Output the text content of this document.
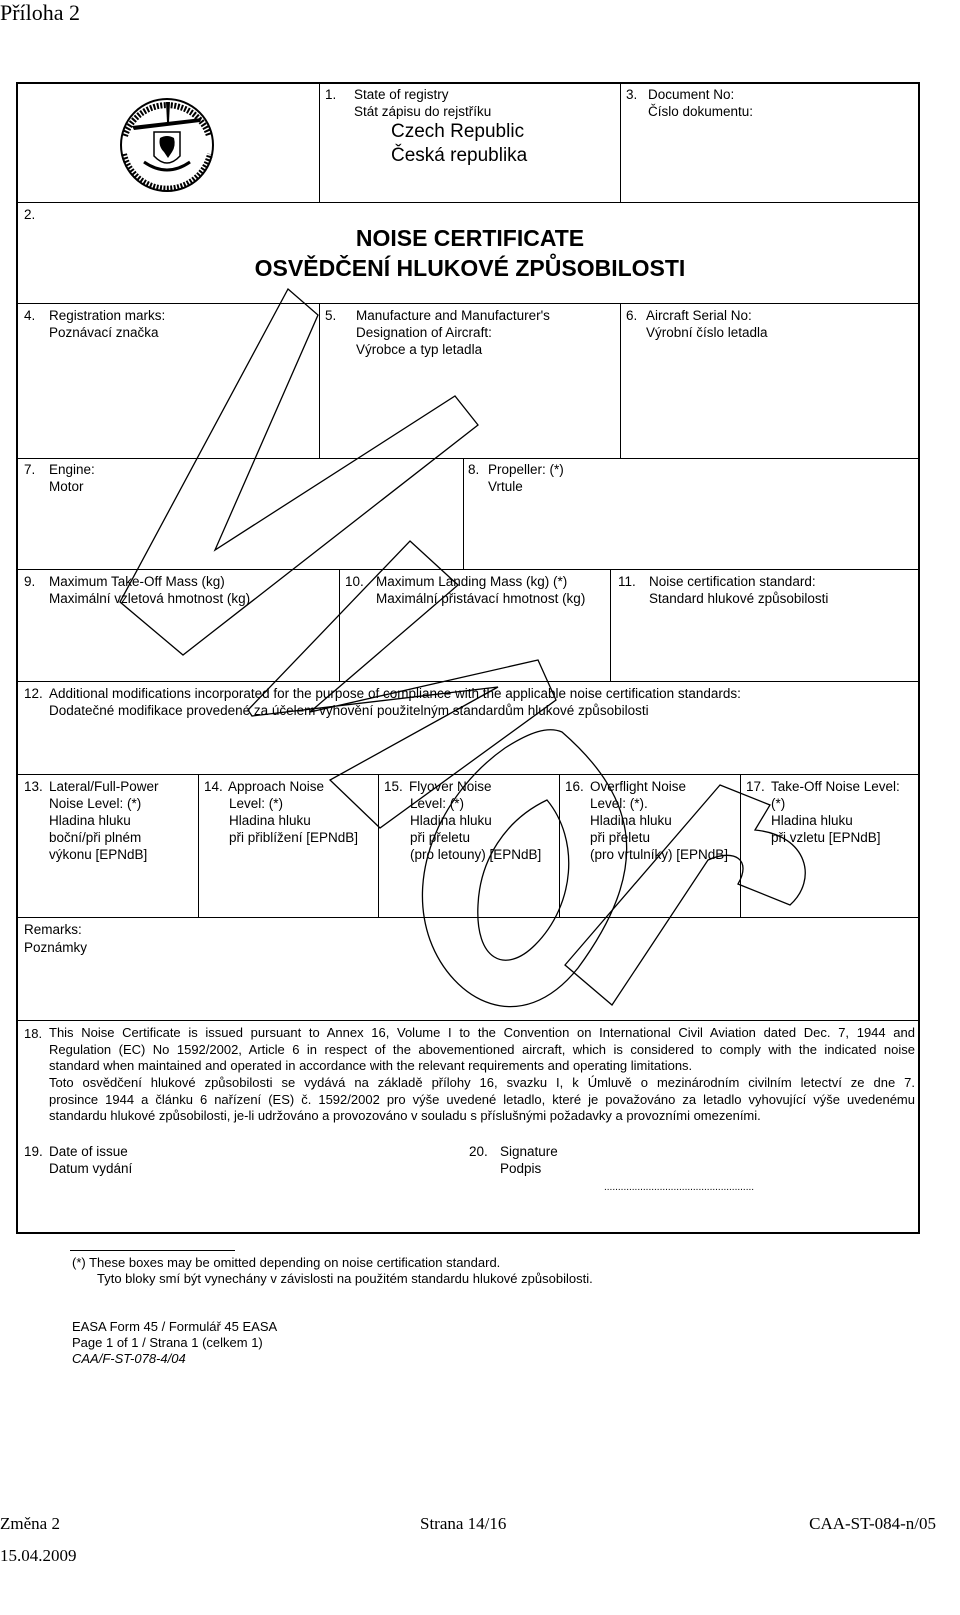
Příloha 2
1. State of registry
Stát zápisu do rejstříku
Czech Republic
Česká republika
3. Document No:
Číslo dokumentu:
2.
NOISE CERTIFICATE
OSVĚDČENÍ HLUKOVÉ ZPŮSOBILOSTI
4. Registration marks:
Poznávací značka
5. Manufacture and Manufacturer's
Designation of Aircraft:
Výrobce a typ letadla
6. Aircraft Serial No:
Výrobní číslo letadla
7. Engine:
Motor
8. Propeller: (*)
Vrtule
9. Maximum Take-Off Mass (kg)
Maximální vzletová hmotnost (kg)
10. Maximum Landing Mass (kg) (*)
Maximální přistávací hmotnost (kg)
11. Noise certification standard:
Standard hlukové způsobilosti
12. Additional modifications incorporated for the purpose of compliance with the applicable noise certification standards:
Dodatečné modifikace provedené za účelem vyhovění použitelným standardům hlukové způsobilosti
13. Lateral/Full-Power
Noise Level: (*)
Hladina hluku
boční/při plném
výkonu [EPNdB]
14. Approach Noise
Level: (*)
Hladina hluku
při přiblížení [EPNdB]
15. Flyover Noise
Level: (*)
Hladina hluku
při přeletu
(pro letouny) [EPNdB]
16. Overflight Noise
Level: (*).
Hladina hluku
při přeletu
(pro vrtulníky) [EPNdB]
17. Take-Off Noise Level:
(*)
Hladina hluku
při vzletu [EPNdB]
Remarks:
Poznámky
18. This Noise Certificate is issued pursuant to Annex 16, Volume I to the Convention on International Civil Aviation dated Dec. 7, 1944 and
Regulation (EC) No 1592/2002, Article 6 in respect of the abovementioned aircraft, which is considered to comply with the indicated noise
standard when maintained and operated in accordance with the relevant requirements and operating limitations.
Toto osvědčení hlukové způsobilosti se vydává na základě přílohy 16, svazku I, k Úmluvě o mezinárodním civilním letectví ze dne 7.
prosince 1944 a článku 6 nařízení (ES) č. 1592/2002 pro výše uvedené letadlo, které je považováno za letadlo vyhovující výše uvedenému
standardu hlukové způsobilosti, je-li udržováno a provozováno v souladu s příslušnými požadavky a provozními omezeními.
19. Date of issue
Datum vydání
20. Signature
Podpis
......................................................
(*) These boxes may be omitted depending on noise certification standard.
Tyto bloky smí být vynechány v závislosti na použitém standardu hlukové způsobilosti.
EASA Form 45 / Formulář 45 EASA
Page 1 of 1 / Strana 1 (celkem 1)
CAA/F-ST-078-4/04
Změna 2	Strana 14/16	CAA-ST-084-n/05
15.04.2009
